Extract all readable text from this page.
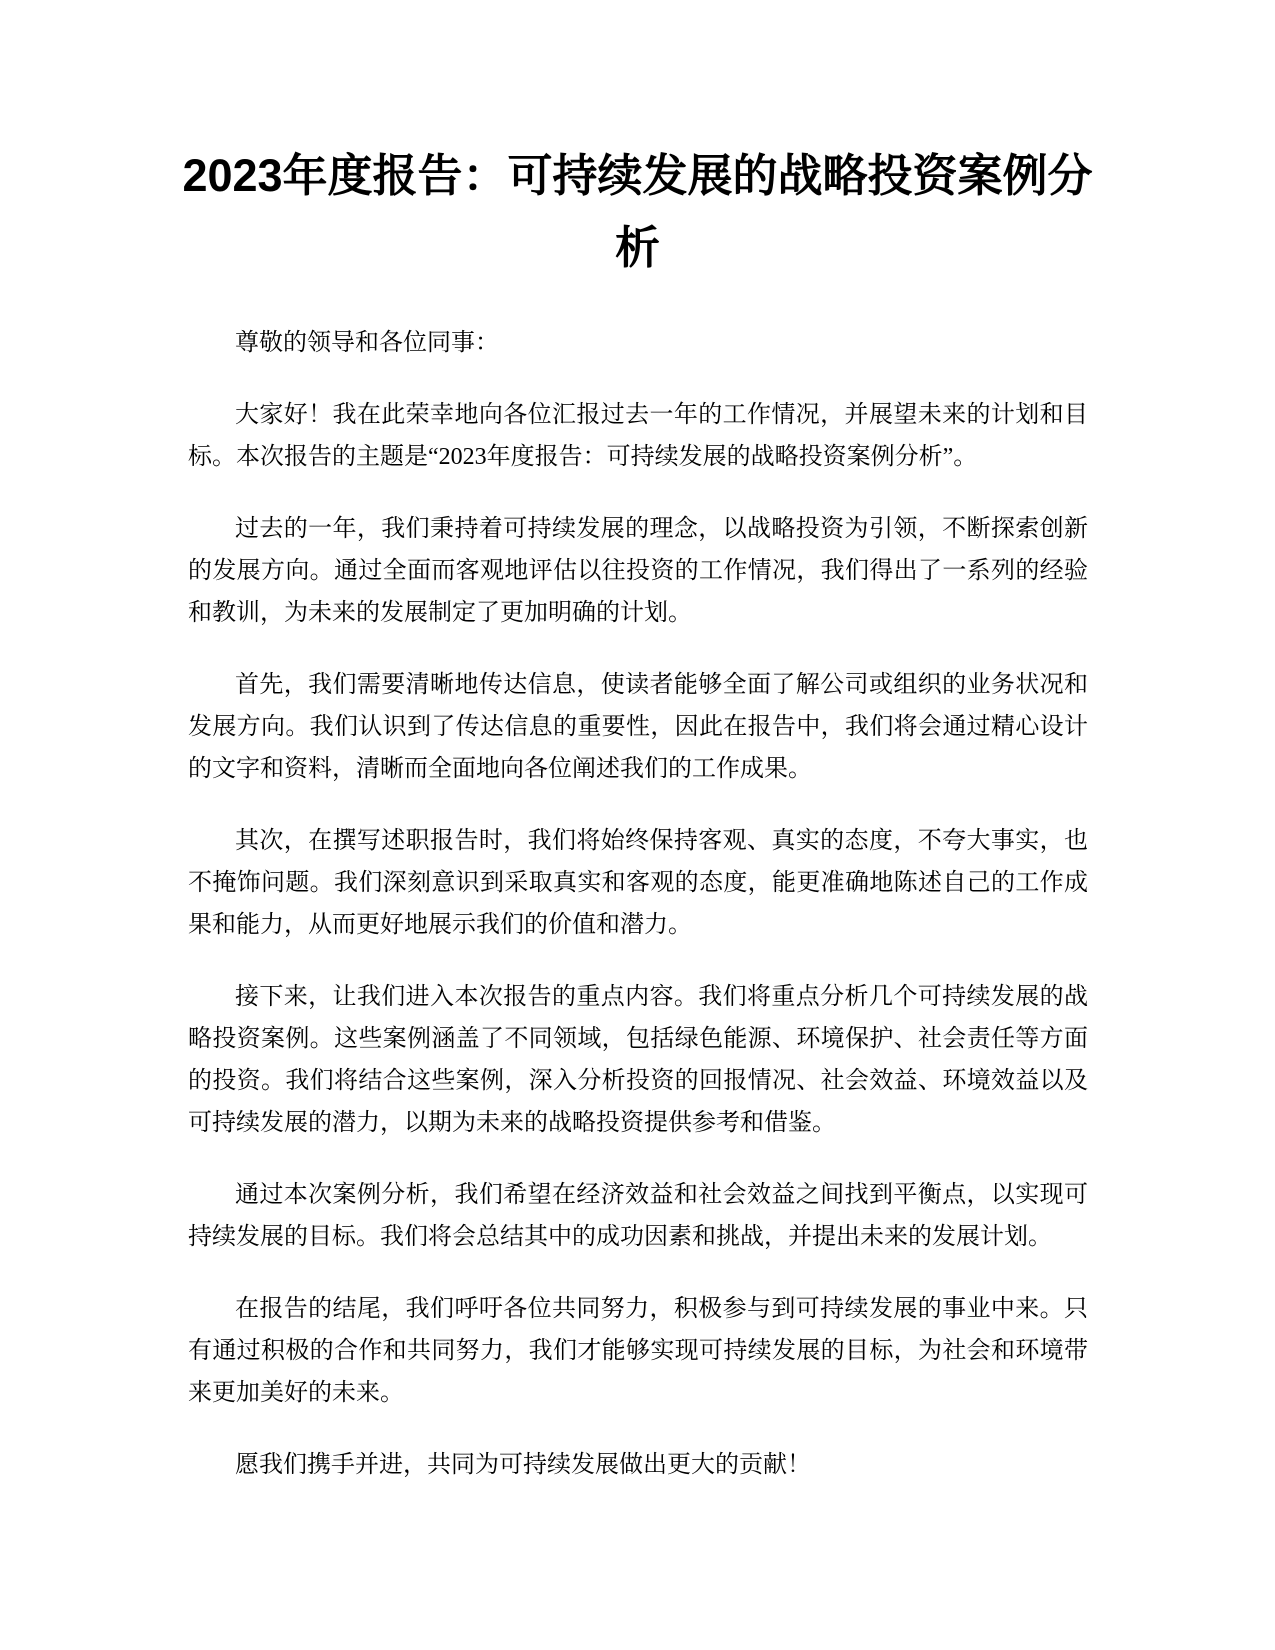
2023年度报告：可持续发展的战略投资案例分析

尊敬的领导和各位同事：

大家好！我在此荣幸地向各位汇报过去一年的工作情况，并展望未来的计划和目标。本次报告的主题是“2023年度报告：可持续发展的战略投资案例分析”。

过去的一年，我们秉持着可持续发展的理念，以战略投资为引领，不断探索创新的发展方向。通过全面而客观地评估以往投资的工作情况，我们得出了一系列的经验和教训，为未来的发展制定了更加明确的计划。

首先，我们需要清晰地传达信息，使读者能够全面了解公司或组织的业务状况和发展方向。我们认识到了传达信息的重要性，因此在报告中，我们将会通过精心设计的文字和资料，清晰而全面地向各位阐述我们的工作成果。

其次，在撰写述职报告时，我们将始终保持客观、真实的态度，不夸大事实，也不掩饰问题。我们深刻意识到采取真实和客观的态度，能更准确地陈述自己的工作成果和能力，从而更好地展示我们的价值和潜力。

接下来，让我们进入本次报告的重点内容。我们将重点分析几个可持续发展的战略投资案例。这些案例涵盖了不同领域，包括绿色能源、环境保护、社会责任等方面的投资。我们将结合这些案例，深入分析投资的回报情况、社会效益、环境效益以及可持续发展的潜力，以期为未来的战略投资提供参考和借鉴。

通过本次案例分析，我们希望在经济效益和社会效益之间找到平衡点，以实现可持续发展的目标。我们将会总结其中的成功因素和挑战，并提出未来的发展计划。

在报告的结尾，我们呼吁各位共同努力，积极参与到可持续发展的事业中来。只有通过积极的合作和共同努力，我们才能够实现可持续发展的目标，为社会和环境带来更加美好的未来。

愿我们携手并进，共同为可持续发展做出更大的贡献！
